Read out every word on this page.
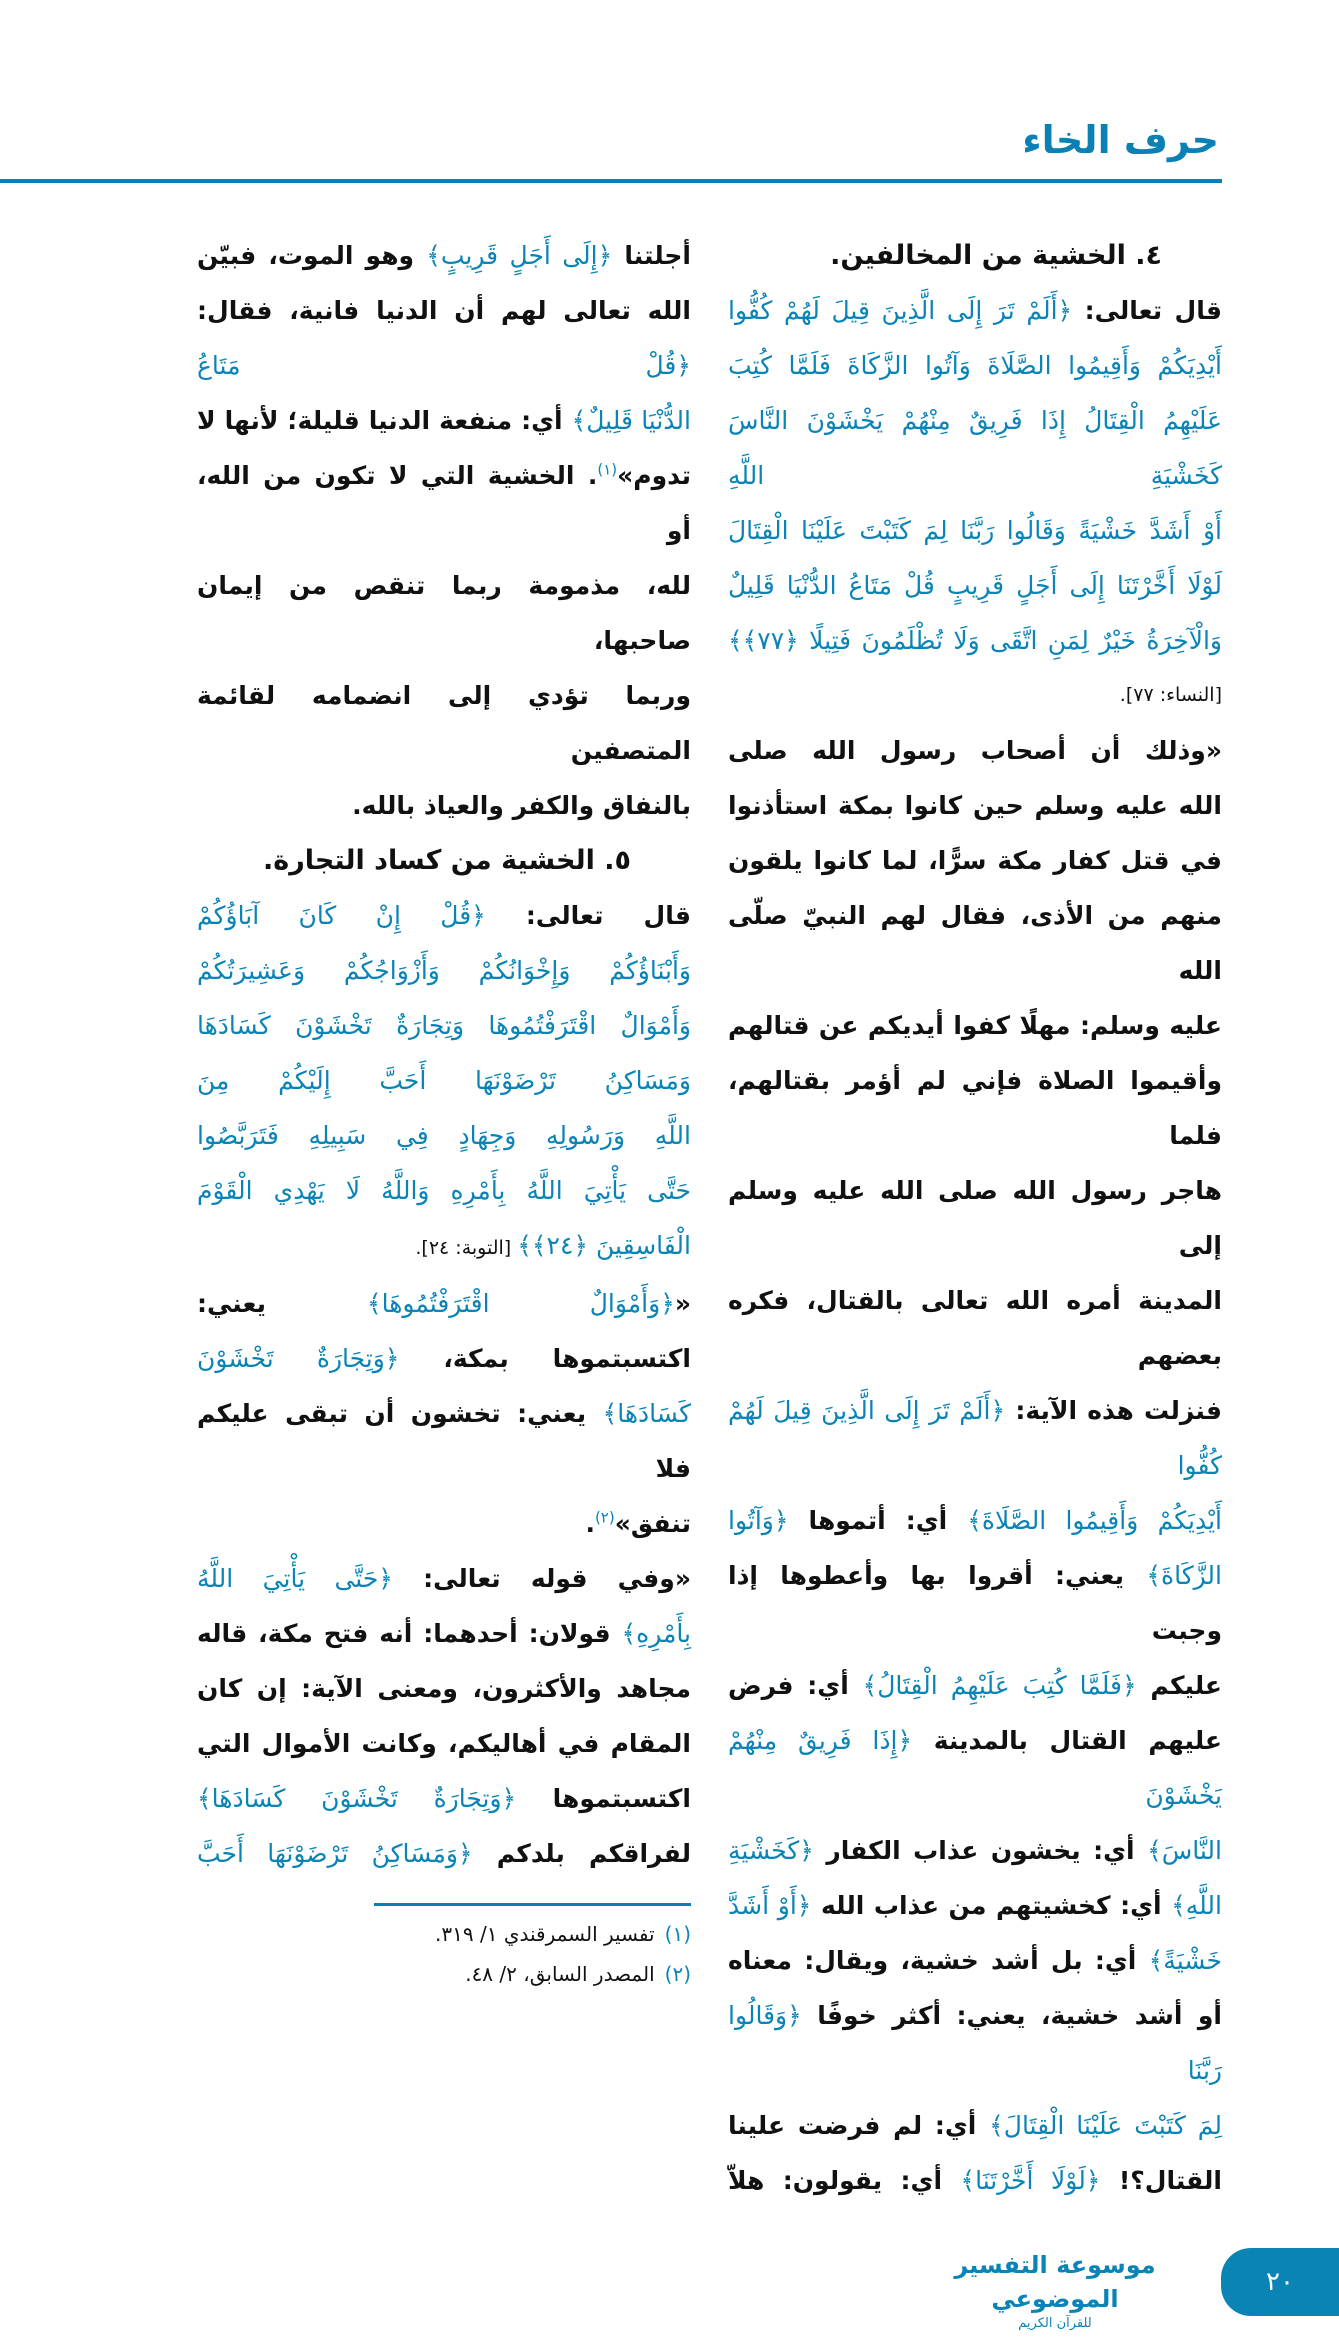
حرف الخاء
٤. الخشية من المخالفين.
قال تعالى: ﴿أَلَمْ تَرَ إِلَى الَّذِينَ قِيلَ لَهُمْ كُفُّوا
أَيْدِيَكُمْ وَأَقِيمُوا الصَّلَاةَ وَآتُوا الزَّكَاةَ فَلَمَّا كُتِبَ
عَلَيْهِمُ الْقِتَالُ إِذَا فَرِيقٌ مِنْهُمْ يَخْشَوْنَ النَّاسَ كَخَشْيَةِ اللَّهِ
أَوْ أَشَدَّ خَشْيَةً وَقَالُوا رَبَّنَا لِمَ كَتَبْتَ عَلَيْنَا الْقِتَالَ
لَوْلَا أَخَّرْتَنَا إِلَى أَجَلٍ قَرِيبٍ قُلْ مَتَاعُ الدُّنْيَا قَلِيلٌ
وَالْآخِرَةُ خَيْرٌ لِمَنِ اتَّقَى وَلَا تُظْلَمُونَ فَتِيلًا ﴿٧٧﴾﴾
[النساء: ٧٧].
«وذلك أن أصحاب رسول الله صلى
الله عليه وسلم حين كانوا بمكة استأذنوا
في قتل كفار مكة سرًّا، لما كانوا يلقون
منهم من الأذى، فقال لهم النبيّ صلّى الله
عليه وسلم: مهلًا كفوا أيديكم عن قتالهم
وأقيموا الصلاة فإني لم أؤمر بقتالهم، فلما
هاجر رسول الله صلى الله عليه وسلم إلى
المدينة أمره الله تعالى بالقتال، فكره بعضهم
فنزلت هذه الآية: ﴿أَلَمْ تَرَ إِلَى الَّذِينَ قِيلَ لَهُمْ كُفُّوا
أَيْدِيَكُمْ وَأَقِيمُوا الصَّلَاةَ﴾ أي: أتموها ﴿وَآتُوا
الزَّكَاةَ﴾ يعني: أقروا بها وأعطوها إذا وجبت
عليكم ﴿فَلَمَّا كُتِبَ عَلَيْهِمُ الْقِتَالُ﴾ أي: فرض
عليهم القتال بالمدينة ﴿إِذَا فَرِيقٌ مِنْهُمْ يَخْشَوْنَ
النَّاسَ﴾ أي: يخشون عذاب الكفار ﴿كَخَشْيَةِ
اللَّهِ﴾ أي: كخشيتهم من عذاب الله ﴿أَوْ أَشَدَّ
خَشْيَةً﴾ أي: بل أشد خشية، ويقال: معناه
أو أشد خشية، يعني: أكثر خوفًا ﴿وَقَالُوا رَبَّنَا
لِمَ كَتَبْتَ عَلَيْنَا الْقِتَالَ﴾ أي: لم فرضت علينا
القتال؟! ﴿لَوْلَا أَخَّرْتَنَا﴾ أي: يقولون: هلاّ
أجلتنا ﴿إِلَى أَجَلٍ قَرِيبٍ﴾ وهو الموت، فبيّن
الله تعالى لهم أن الدنيا فانية، فقال: ﴿قُلْ مَتَاعُ
الدُّنْيَا قَلِيلٌ﴾ أي: منفعة الدنيا قليلة؛ لأنها لا
تدوم»$^{(١)}$. الخشية التي لا تكون من الله، أو
لله، مذمومة ربما تنقص من إيمان صاحبها،
وربما تؤدي إلى انضمامه لقائمة المتصفين
بالنفاق والكفر والعياذ بالله.
٥. الخشية من كساد التجارة.
قال تعالى: ﴿قُلْ إِنْ كَانَ آبَاؤُكُمْ
وَأَبْنَاؤُكُمْ وَإِخْوَانُكُمْ وَأَزْوَاجُكُمْ وَعَشِيرَتُكُمْ
وَأَمْوَالٌ اقْتَرَفْتُمُوهَا وَتِجَارَةٌ تَخْشَوْنَ كَسَادَهَا
وَمَسَاكِنُ تَرْضَوْنَهَا أَحَبَّ إِلَيْكُمْ مِنَ
اللَّهِ وَرَسُولِهِ وَجِهَادٍ فِي سَبِيلِهِ فَتَرَبَّصُوا
حَتَّى يَأْتِيَ اللَّهُ بِأَمْرِهِ وَاللَّهُ لَا يَهْدِي الْقَوْمَ
الْفَاسِقِينَ ﴿٢٤﴾﴾ [التوبة: ٢٤].
«﴿وَأَمْوَالٌ اقْتَرَفْتُمُوهَا﴾ يعني:
اكتسبتموها بمكة، ﴿وَتِجَارَةٌ تَخْشَوْنَ
كَسَادَهَا﴾ يعني: تخشون أن تبقى عليكم فلا
تنفق»$^{(٢)}$.
«وفي قوله تعالى: ﴿حَتَّى يَأْتِيَ اللَّهُ
بِأَمْرِهِ﴾ قولان: أحدهما: أنه فتح مكة، قاله
مجاهد والأكثرون، ومعنى الآية: إن كان
المقام في أهاليكم، وكانت الأموال التي
اكتسبتموها ﴿وَتِجَارَةٌ تَخْشَوْنَ كَسَادَهَا﴾
لفراقكم بلدكم ﴿وَمَسَاكِنُ تَرْضَوْنَهَا أَحَبَّ
(١)تفسير السمرقندي ١/ ٣١٩.
(٢)المصدر السابق، ٢/ ٤٨.
موسوعة التفسير الموضوعي
للقرآن الكريم
٢٠
